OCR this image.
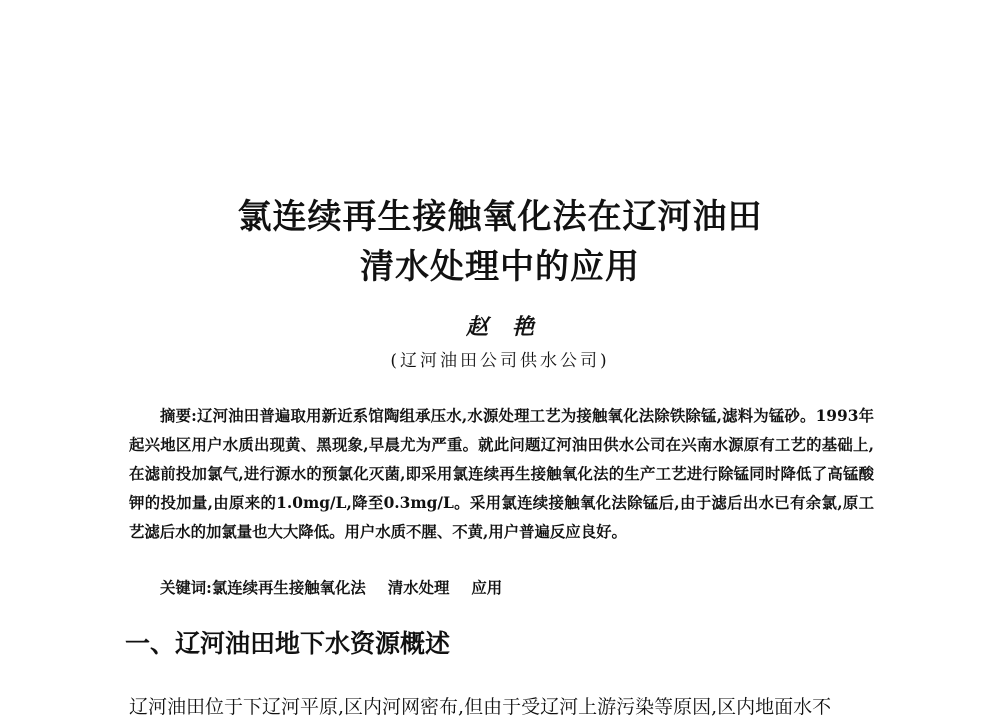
氯连续再生接触氧化法在辽河油田
清水处理中的应用

赵艳

(辽河油田公司供水公司)

摘要:辽河油田普遍取用新近系馆陶组承压水,水源处理工艺为接触氧化法除铁除锰,滤料为锰砂。1993年起兴地区用户水质出现黄、黑现象,早晨尤为严重。就此问题辽河油田供水公司在兴南水源原有工艺的基础上,在滤前投加氯气,进行源水的预氯化灭菌,即采用氯连续再生接触氧化法的生产工艺进行除锰同时降低了高锰酸钾的投加量,由原来的1.0mg/L,降至0.3mg/L。采用氯连续接触氧化法除锰后,由于滤后出水已有余氯,原工艺滤后水的加氯量也大大降低。用户水质不腥、不黄,用户普遍反应良好。

关键词:氯连续再生接触氧化法 清水处理 应用

一、辽河油田地下水资源概述

辽河油田位于下辽河平原,区内河网密布,但由于受辽河上游污染等原因,区内地面水不
